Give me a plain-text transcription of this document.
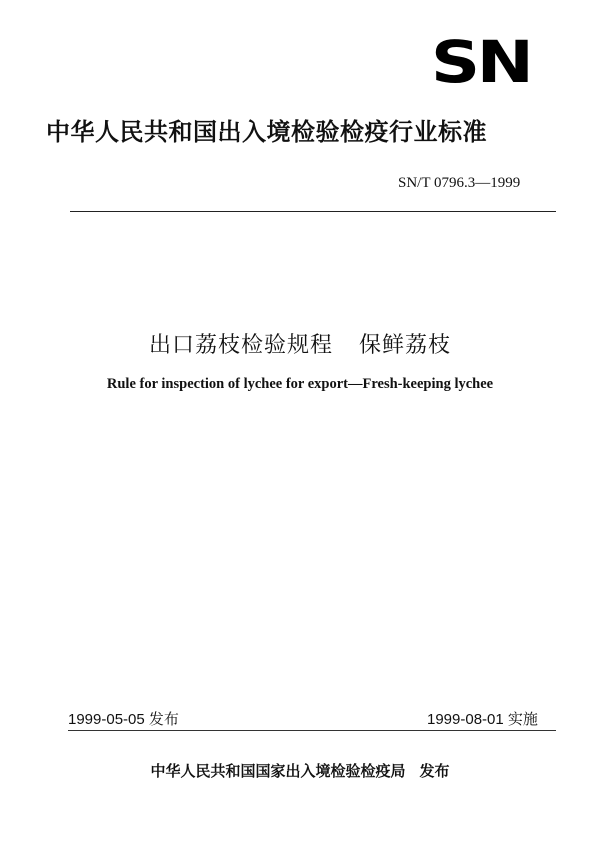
SN
中华人民共和国出入境检验检疫行业标准
SN/T 0796.3—1999
出口荔枝检验规程 保鲜荔枝
Rule for inspection of lychee for export—Fresh-keeping lychee
1999-05-05 发布	1999-08-01 实施
中华人民共和国国家出入境检验检疫局 发布
